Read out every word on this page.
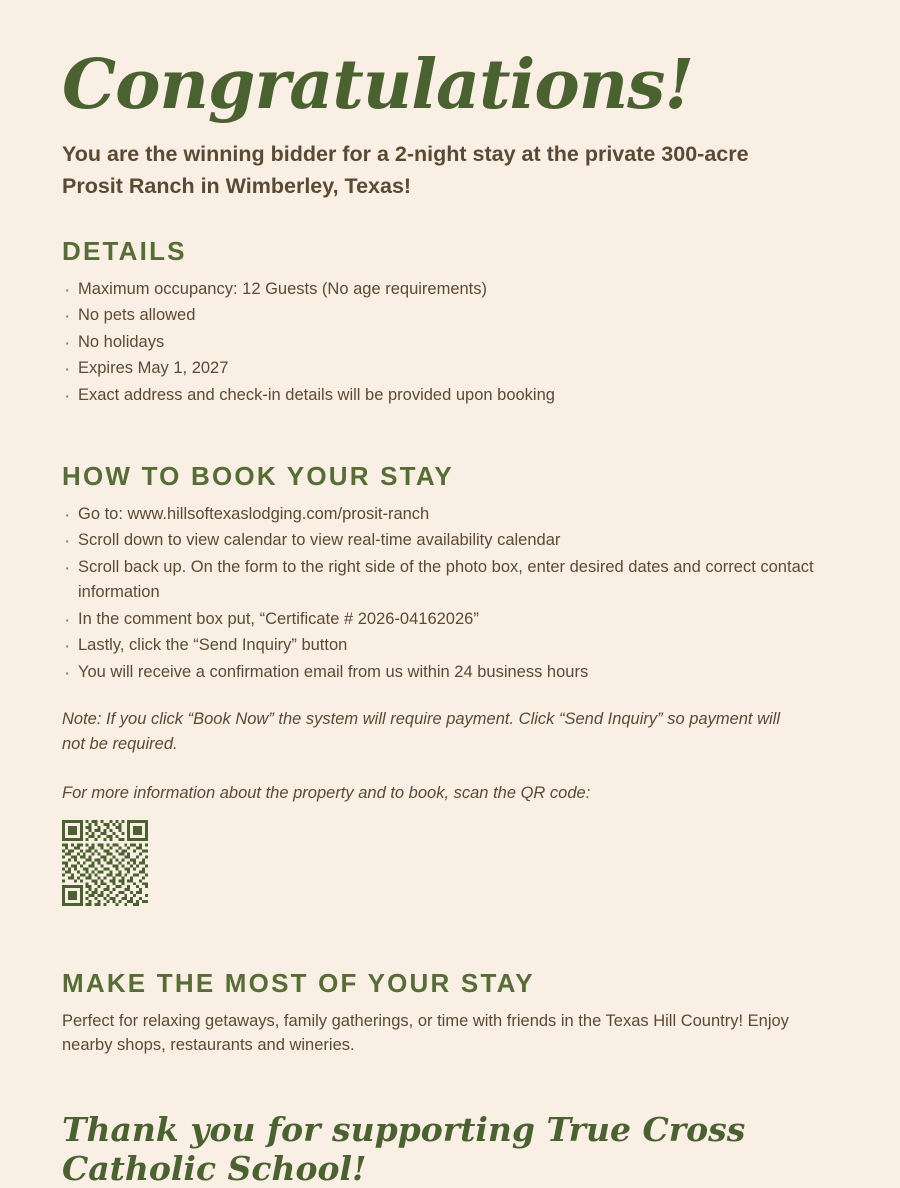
Congratulations!

You are the winning bidder for a 2-night stay at the private 300-acre Prosit Ranch in Wimberley, Texas!

DETAILS
· Maximum occupancy: 12 Guests (No age requirements)
· No pets allowed
· No holidays
· Expires May 1, 2027
· Exact address and check-in details will be provided upon booking
HOW TO BOOK YOUR STAY
· Go to: www.hillsoftexaslodging.com/prosit-ranch
· Scroll down to view calendar to view real-time availability calendar
· Scroll back up. On the form to the right side of the photo box, enter desired dates and correct contact information
· In the comment box put, “Certificate # 2026-04162026”
· Lastly, click the “Send Inquiry” button
· You will receive a confirmation email from us within 24 business hours

Note: If you click “Book Now” the system will require payment. Click “Send Inquiry” so payment will not be required.

For more information about the property and to book, scan the QR code:

MAKE THE MOST OF YOUR STAY

Perfect for relaxing getaways, family gatherings, or time with friends in the Texas Hill Country! Enjoy nearby shops, restaurants and wineries.

Thank you for supporting True Cross Catholic School!
